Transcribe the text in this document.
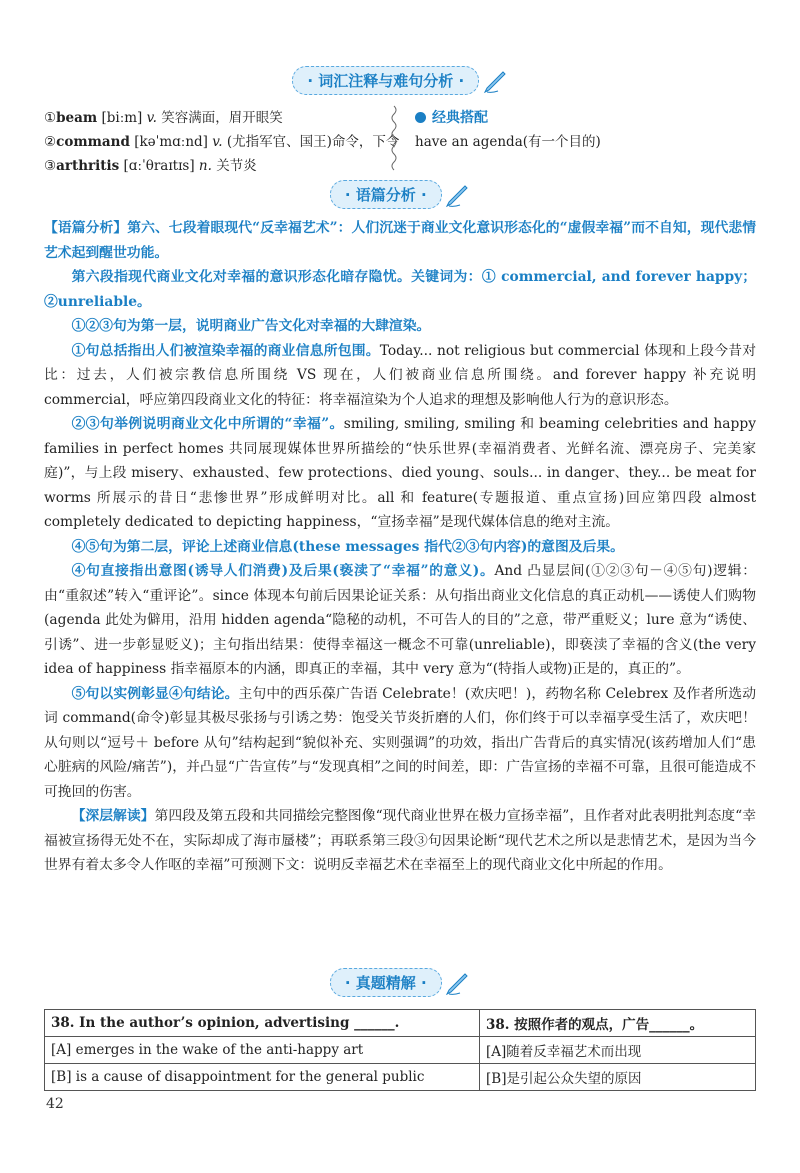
· 词汇注释与难句分析 ·
①beam [biːm] v. 笑容满面，眉开眼笑
②command [kəˈmɑːnd] v. (尤指军官、国王)命令，下令
③arthritis [ɑːˈθraɪtɪs] n. 关节炎
经典搭配
have an agenda(有一个目的)
· 语篇分析 ·

【语篇分析】第六、七段着眼现代“反幸福艺术”：人们沉迷于商业文化意识形态化的“虚假幸福”而不自知，现代悲情艺术起到醒世功能。

第六段指现代商业文化对幸福的意识形态化暗存隐忧。关键词为：① commercial, and forever happy；②unreliable。

①②③句为第一层，说明商业广告文化对幸福的大肆渲染。

①句总括指出人们被渲染幸福的商业信息所包围。Today... not religious but commercial 体现和上段今昔对比：过去，人们被宗教信息所围绕 VS 现在，人们被商业信息所围绕。and forever happy 补充说明 commercial，呼应第四段商业文化的特征：将幸福渲染为个人追求的理想及影响他人行为的意识形态。

②③句举例说明商业文化中所谓的“幸福”。smiling, smiling, smiling 和 beaming celebrities and happy families in perfect homes 共同展现媒体世界所描绘的“快乐世界(幸福消费者、光鲜名流、漂亮房子、完美家庭)”，与上段 misery、exhausted、few protections、died young、souls... in danger、they... be meat for worms 所展示的昔日“悲惨世界”形成鲜明对比。all 和 feature(专题报道、重点宣扬)回应第四段 almost completely dedicated to depicting happiness，“宣扬幸福”是现代媒体信息的绝对主流。

④⑤句为第二层，评论上述商业信息(these messages 指代②③句内容)的意图及后果。

④句直接指出意图(诱导人们消费)及后果(亵渎了“幸福”的意义)。And 凸显层间(①②③句－④⑤句)逻辑：由“重叙述”转入“重评论”。since 体现本句前后因果论证关系：从句指出商业文化信息的真正动机——诱使人们购物(agenda 此处为僻用，沿用 hidden agenda“隐秘的动机，不可告人的目的”之意，带严重贬义；lure 意为“诱使、引诱”、进一步彰显贬义)；主句指出结果：使得幸福这一概念不可靠(unreliable)，即亵渎了幸福的含义(the very idea of happiness 指幸福原本的内涵，即真正的幸福，其中 very 意为“(特指人或物)正是的，真正的”。

⑤句以实例彰显④句结论。主句中的西乐葆广告语 Celebrate！(欢庆吧！)，药物名称 Celebrex 及作者所选动词 command(命令)彰显其极尽张扬与引诱之势：饱受关节炎折磨的人们，你们终于可以幸福享受生活了，欢庆吧！从句则以“逗号＋ before 从句”结构起到“貌似补充、实则强调”的功效，指出广告背后的真实情况(该药增加人们“患心脏病的风险/痛苦”)，并凸显“广告宣传”与“发现真相”之间的时间差，即：广告宣扬的幸福不可靠，且很可能造成不可挽回的伤害。

【深层解读】第四段及第五段和共同描绘完整图像“现代商业世界在极力宣扬幸福”，且作者对此表明批判态度“幸福被宣扬得无处不在，实际却成了海市蜃楼”；再联系第三段③句因果论断“现代艺术之所以是悲情艺术，是因为当今世界有着太多令人作呕的幸福”可预测下文：说明反幸福艺术在幸福至上的现代商业文化中所起的作用。

· 真题精解 ·
38. In the author’s opinion, advertising ______.	38. 按照作者的观点，广告______。
[A] emerges in the wake of the anti-happy art	[A]随着反幸福艺术而出现
[B] is a cause of disappointment for the general public	[B]是引起公众失望的原因
42
